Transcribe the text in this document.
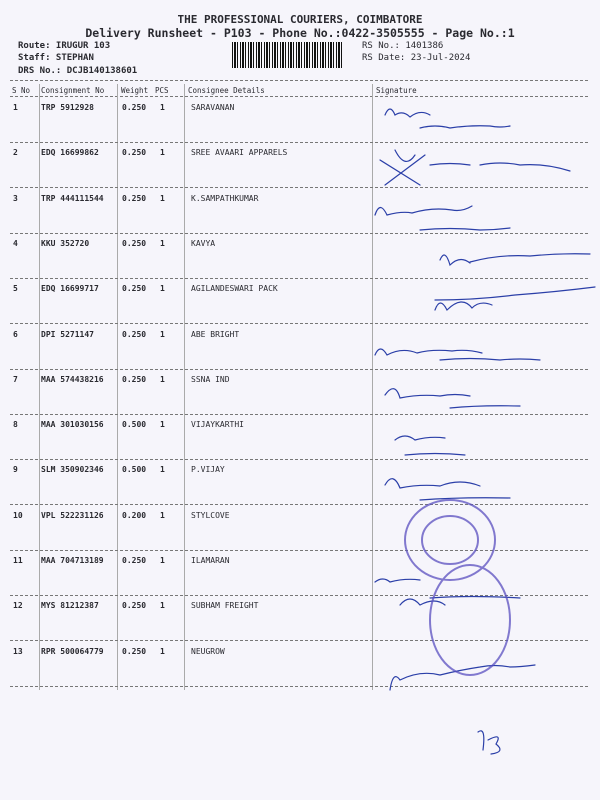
THE PROFESSIONAL COURIERS, COIMBATORE
Delivery Runsheet - P103 - Phone No.:0422-3505555 - Page No.:1
Route: IRUGUR 103
Staff: STEPHAN
DRS No.: DCJB140138601
RS No.: 1401386
RS Date: 23-Jul-2024
S No Consignment No Weight PCS	Consignee Details	Signature
1	TRP 5912928	0.250 1	SARAVANAN
2	EDQ 16699862	0.250 1	SREE AVAARI APPARELS
3	TRP 444111544 0.250 1	K.SAMPATHKUMAR
4	KKU 352720	0.250 1	KAVYA
5	EDQ 16699717	0.250 1	AGILANDESWARI PACK
6	DPI 5271147	0.250 1	ABE BRIGHT
7	MAA 574438216 0.250 1	SSNA IND
8	MAA 301030156 0.500 1	VIJAYKARTHI
9	SLM 350902346 0.500 1	P.VIJAY
10 VPL 522231126 0.200 1	STYLCOVE
11 MAA 704713189 0.250 1	ILAMARAN
12 MYS 81212387	0.250 1	SUBHAM FREIGHT
13 RPR 500064779 0.250 1	NEUGROW
